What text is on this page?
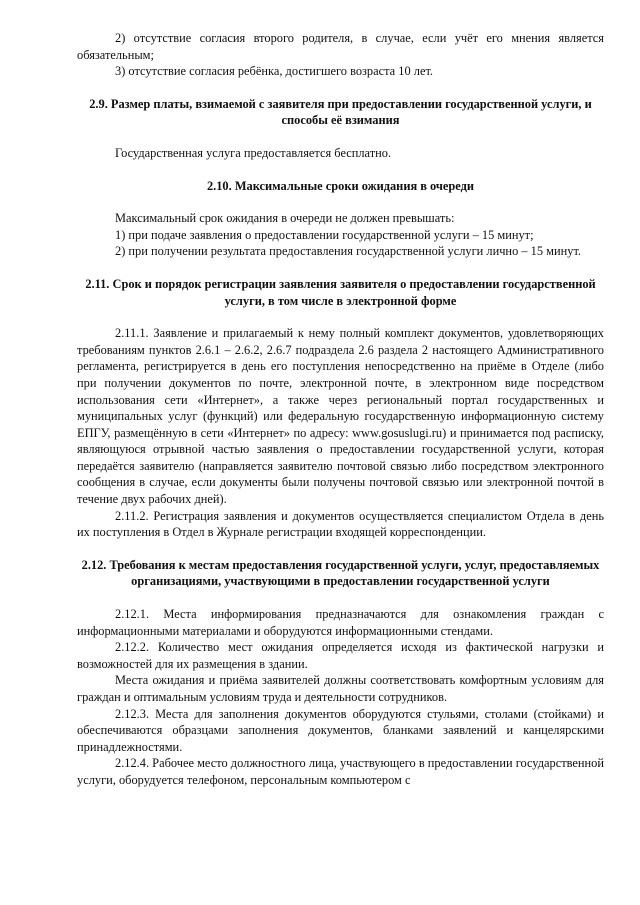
2) отсутствие согласия второго родителя, в случае, если учёт его мнения является обязательным;

3) отсутствие согласия ребёнка, достигшего возраста 10 лет.

2.9. Размер платы, взимаемой с заявителя при предоставлении государственной услуги, и способы её взимания

Государственная услуга предоставляется бесплатно.

2.10. Максимальные сроки ожидания в очереди

Максимальный срок ожидания в очереди не должен превышать:

1) при подаче заявления о предоставлении государственной услуги – 15 минут;

2) при получении результата предоставления государственной услуги лично – 15 минут.

2.11. Срок и порядок регистрации заявления заявителя о предоставлении государственной услуги, в том числе в электронной форме

2.11.1. Заявление и прилагаемый к нему полный комплект документов, удовлетворяющих требованиям пунктов 2.6.1 – 2.6.2, 2.6.7 подраздела 2.6 раздела 2 настоящего Административного регламента, регистрируется в день его поступления непосредственно на приёме в Отделе (либо при получении документов по почте, электронной почте, в электронном виде посредством использования сети «Интернет», а также через региональный портал государственных и муниципальных услуг (функций) или федеральную государственную информационную систему ЕПГУ, размещённую в сети «Интернет» по адресу: www.gosuslugi.ru) и принимается под расписку, являющуюся отрывной частью заявления о предоставлении государственной услуги, которая передаётся заявителю (направляется заявителю почтовой связью либо посредством электронного сообщения в случае, если документы были получены почтовой связью или электронной почтой в течение двух рабочих дней).

2.11.2. Регистрация заявления и документов осуществляется специалистом Отдела в день их поступления в Отдел в Журнале регистрации входящей корреспонденции.

2.12. Требования к местам предоставления государственной услуги, услуг, предоставляемых организациями, участвующими в предоставлении государственной услуги

2.12.1. Места информирования предназначаются для ознакомления граждан с информационными материалами и оборудуются информационными стендами.

2.12.2. Количество мест ожидания определяется исходя из фактической нагрузки и возможностей для их размещения в здании.

Места ожидания и приёма заявителей должны соответствовать комфортным условиям для граждан и оптимальным условиям труда и деятельности сотрудников.

2.12.3. Места для заполнения документов оборудуются стульями, столами (стойками) и обеспечиваются образцами заполнения документов, бланками заявлений и канцелярскими принадлежностями.

2.12.4. Рабочее место должностного лица, участвующего в предоставлении государственной услуги, оборудуется телефоном, персональным компьютером с
